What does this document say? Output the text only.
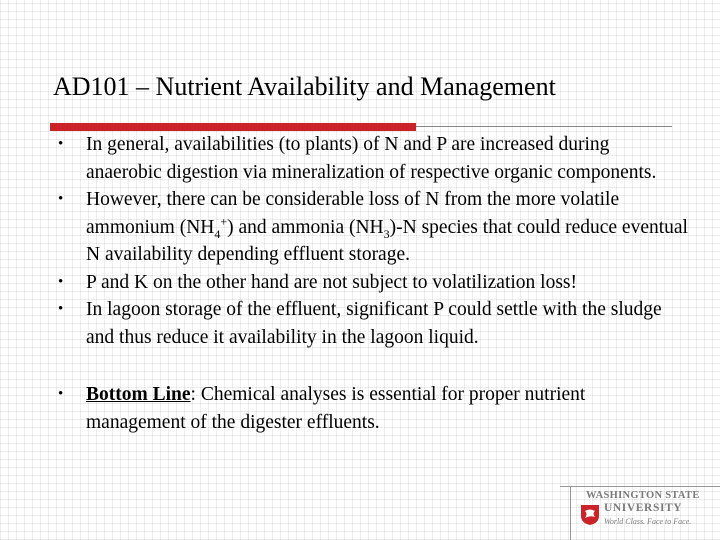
AD101 – Nutrient Availability and Management
• In general, availabilities (to plants) of N and P are increased during anaerobic digestion via mineralization of respective organic components.
• However, there can be considerable loss of N from the more volatile ammonium $(NH_4^+)$ and ammonia $(NH_3)-N$ species that could reduce eventual N availability depending effluent storage.
• P and K on the other hand are not subject to volatilization loss!
• In lagoon storage of the effluent, significant P could settle with the sludge and thus reduce it availability in the lagoon liquid.
• Bottom Line: Chemical analyses is essential for proper nutrient management of the digester effluents.
WASHINGTON STATE
UNIVERSITY
World Class. Face to Face.
